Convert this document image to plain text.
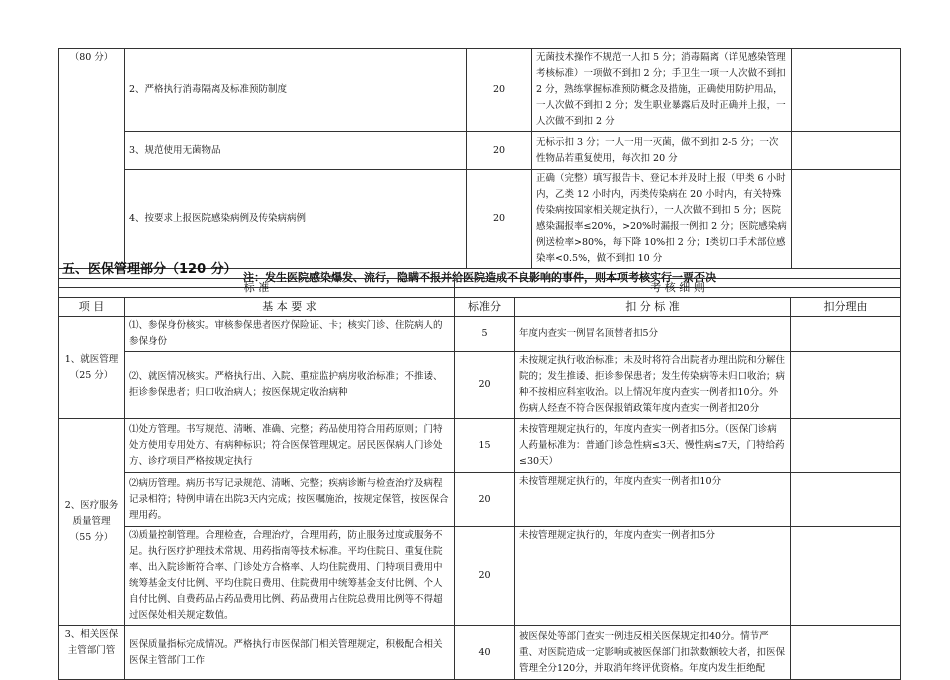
（80 分）	2、严格执行消毒隔离及标准预防制度	20	无菌技术操作不规范一人扣 5 分；消毒隔离（详见感染管理考核标准）一项做不到扣 2 分；手卫生一项一人次做不到扣 2 分，熟练掌握标准预防概念及措施，正确使用防护用品，一人次做不到扣 2 分；发生职业暴露后及时正确并上报，一人次做不到扣 2 分	
	3、规范使用无菌物品	20	无标示扣 3 分；一人一用一灭菌，做不到扣 2-5 分；一次性物品若重复使用，每次扣 20 分	
	4、按要求上报医院感染病例及传染病病例	20	正确（完整）填写报告卡、登记本并及时上报（甲类 6 小时内，乙类 12 小时内，丙类传染病在 20 小时内，有关特殊传染病按国家相关规定执行），一人次做不到扣 5 分；医院感染漏报率≤20%，>20%时漏报一例扣 2 分；医院感染病例送检率>80%，每下降 10%扣 2 分；Ⅰ类切口手术部位感染率<0.5%，做不到扣 10 分	
注：发生医院感染爆发、流行，隐瞒不报并给医院造成不良影响的事件，则本项考核实行一票否决				
五、医保管理部分（120 分）
标 准		考 核 细 则		
项 目	基 本 要 求	标准分	扣 分 标 准	扣分理由
1、就医管理（25 分）	⑴、参保身份核实。审核参保患者医疗保险证、卡；核实门诊、住院病人的参保身份	5	年度内查实一例冒名顶替者扣5分	
	⑵、就医情况核实。严格执行出、入院、重症监护病房收治标准；不推诿、拒诊参保患者；归口收治病人；按医保规定收治病种	20	未按规定执行收治标准；未及时将符合出院者办理出院和分解住院的；发生推诿、拒诊参保患者；发生传染病等未归口收治；病种不按相应科室收治。以上情况年度内查实一例者扣10分。外伤病人经查不符合医保报销政策年度内查实一例者扣20分	
2、医疗服务质量管理（55 分）	⑴处方管理。书写规范、清晰、准确、完整；药品使用符合用药原则；门特处方使用专用处方、有病种标识；符合医保管理规定。居民医保病人门诊处方、诊疗项目严格按规定执行	15	未按管理规定执行的，年度内查实一例者扣5分。（医保门诊病人药量标准为：普通门诊急性病≤3天、慢性病≤7天，门特给药≤30天）	
	⑵病历管理。病历书写记录规范、清晰、完整；疾病诊断与检查治疗及病程记录相符；特例申请在出院3天内完成；按医嘱施治，按规定保管，按医保合理用药。	20	未按管理规定执行的，年度内查实一例者扣10分	
	⑶质量控制管理。合理检查，合理治疗，合理用药，防止服务过度或服务不足。执行医疗护理技术常规、用药指南等技术标准。平均住院日、重复住院率、出入院诊断符合率、门诊处方合格率、人均住院费用、门特项目费用中统筹基金支付比例、平均住院日费用、住院费用中统筹基金支付比例、个人自付比例、自费药品占药品费用比例、药品费用占住院总费用比例等不得超过医保处相关规定数值。	20	未按管理规定执行的，年度内查实一例者扣5分	
3、相关医保主管部门管	医保质量指标完成情况。严格执行市医保部门相关管理规定，积极配合相关医保主管部门工作	40	被医保处等部门查实一例违反相关医保规定扣40分。情节严重、对医院造成一定影响或被医保部门扣款数额较大者，扣医保管理全分120分，并取消年终评优资格。年度内发生拒绝配	
